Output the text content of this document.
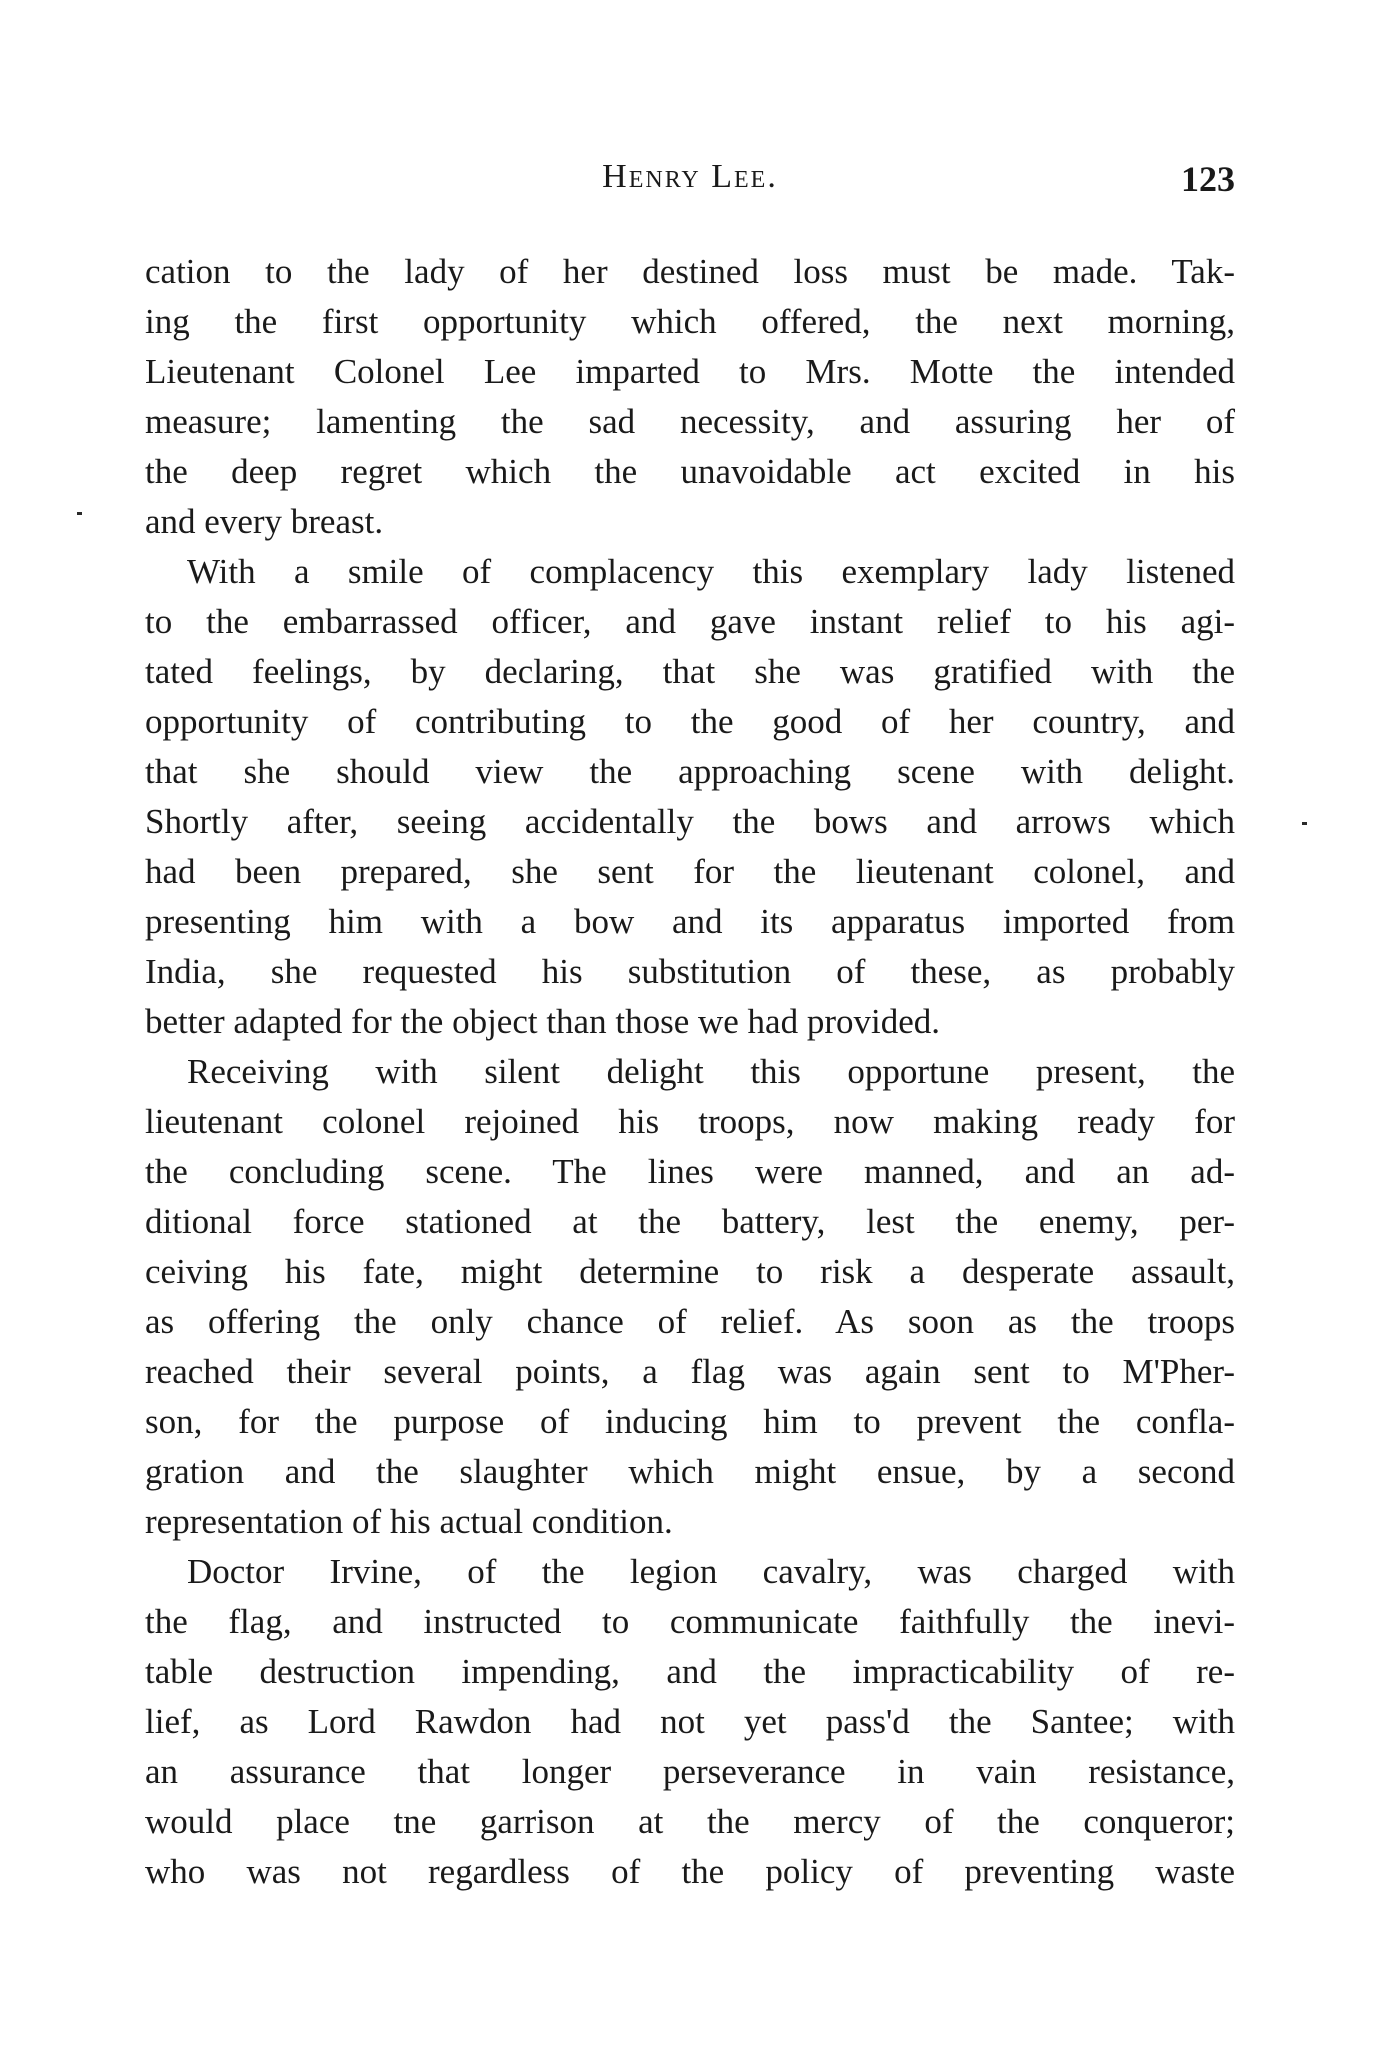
Henry Lee.	123
cation to the lady of her destined loss must be made. Tak-
ing the first opportunity which offered, the next morning,
Lieutenant Colonel Lee imparted to Mrs. Motte the intended
measure; lamenting the sad necessity, and assuring her of
the deep regret which the unavoidable act excited in his
and every breast.
With a smile of complacency this exemplary lady listened
to the embarrassed officer, and gave instant relief to his agi-
tated feelings, by declaring, that she was gratified with the
opportunity of contributing to the good of her country, and
that she should view the approaching scene with delight.
Shortly after, seeing accidentally the bows and arrows which
had been prepared, she sent for the lieutenant colonel, and
presenting him with a bow and its apparatus imported from
India, she requested his substitution of these, as probably
better adapted for the object than those we had provided.
Receiving with silent delight this opportune present, the
lieutenant colonel rejoined his troops, now making ready for
the concluding scene. The lines were manned, and an ad-
ditional force stationed at the battery, lest the enemy, per-
ceiving his fate, might determine to risk a desperate assault,
as offering the only chance of relief. As soon as the troops
reached their several points, a flag was again sent to M'Pher-
son, for the purpose of inducing him to prevent the confla-
gration and the slaughter which might ensue, by a second
representation of his actual condition.
Doctor Irvine, of the legion cavalry, was charged with
the flag, and instructed to communicate faithfully the inevi-
table destruction impending, and the impracticability of re-
lief, as Lord Rawdon had not yet pass'd the Santee; with
an assurance that longer perseverance in vain resistance,
would place tne garrison at the mercy of the conqueror;
who was not regardless of the policy of preventing waste
